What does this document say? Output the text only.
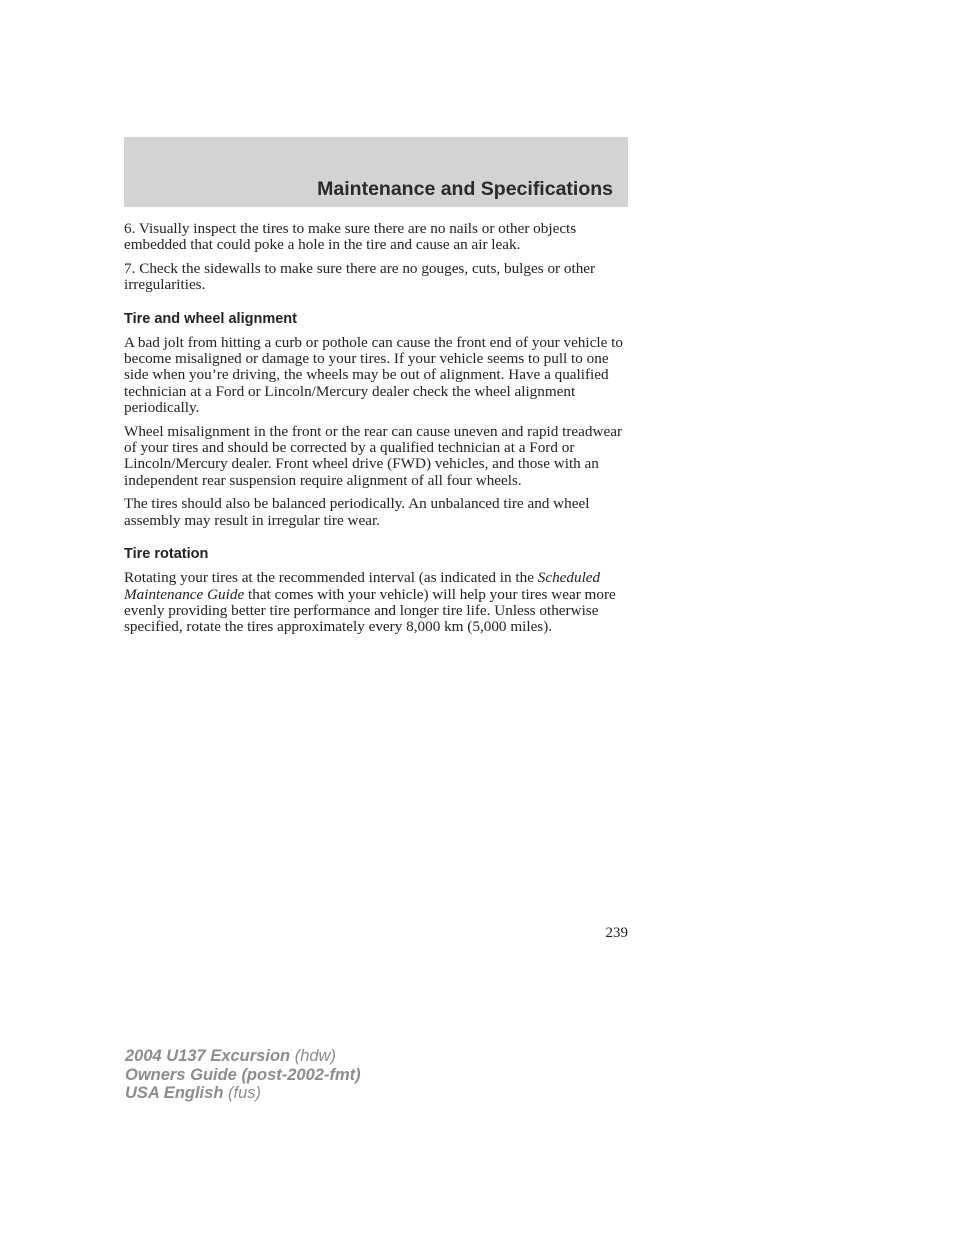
Maintenance and Specifications

6. Visually inspect the tires to make sure there are no nails or other objects embedded that could poke a hole in the tire and cause an air leak.

7. Check the sidewalls to make sure there are no gouges, cuts, bulges or other irregularities.

Tire and wheel alignment

A bad jolt from hitting a curb or pothole can cause the front end of your vehicle to become misaligned or damage to your tires. If your vehicle seems to pull to one side when you’re driving, the wheels may be out of alignment. Have a qualified technician at a Ford or Lincoln/Mercury dealer check the wheel alignment periodically.

Wheel misalignment in the front or the rear can cause uneven and rapid treadwear of your tires and should be corrected by a qualified technician at a Ford or Lincoln/Mercury dealer. Front wheel drive (FWD) vehicles, and those with an independent rear suspension require alignment of all four wheels.

The tires should also be balanced periodically. An unbalanced tire and wheel assembly may result in irregular tire wear.

Tire rotation

Rotating your tires at the recommended interval (as indicated in the Scheduled Maintenance Guide that comes with your vehicle) will help your tires wear more evenly providing better tire performance and longer tire life. Unless otherwise specified, rotate the tires approximately every 8,000 km (5,000 miles).

239
2004 U137 Excursion (hdw)
Owners Guide (post-2002-fmt)
USA English (fus)
